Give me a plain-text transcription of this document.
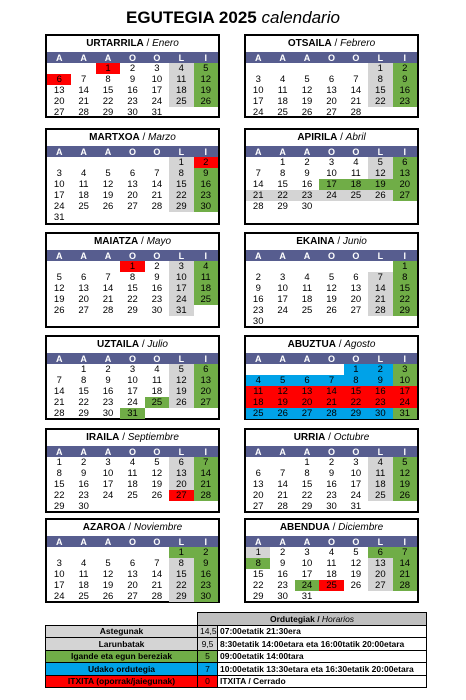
EGUTEGIA 2025 calendario
URTARRILA / Enero
A	A	A	O	O	L	I
		1	2	3	4	5
6	7	8	9	10	11	12
13	14	15	16	17	18	19
20	21	22	23	24	25	26
27	28	29	30	31		
OTSAILA / Febrero
A	A	A	O	O	L	I
					1	2
3	4	5	6	7	8	9
10	11	12	13	14	15	16
17	18	19	20	21	22	23
24	25	26	27	28		
MARTXOA / Marzo
A	A	A	O	O	L	I
					1	2
3	4	5	6	7	8	9
10	11	12	13	14	15	16
17	18	19	20	21	22	23
24	25	26	27	28	29	30
31						
APIRILA / Abril
A	A	A	O	O	L	I
	1	2	3	4	5	6
7	8	9	10	11	12	13
14	15	16	17	18	19	20
21	22	23	24	25	26	27
28	29	30				
MAIATZA / Mayo
A	A	A	O	O	L	I
			1	2	3	4
5	6	7	8	9	10	11
12	13	14	15	16	17	18
19	20	21	22	23	24	25
26	27	28	29	30	31	
EKAINA / Junio
A	A	A	O	O	L	I
						1
2	3	4	5	6	7	8
9	10	11	12	13	14	15
16	17	18	19	20	21	22
23	24	25	26	27	28	29
30						
UZTAILA / Julio
A	A	A	O	O	L	I
	1	2	3	4	5	6
7	8	9	10	11	12	13
14	15	16	17	18	19	20
21	22	23	24	25	26	27
28	29	30	31			
ABUZTUA / Agosto
A	A	A	O	O	L	I
				1	2	3
4	5	6	7	8	9	10
11	12	13	14	15	16	17
18	19	20	21	22	23	24
25	26	27	28	29	30	31
IRAILA / Septiembre
A	A	A	O	O	L	I
1	2	3	4	5	6	7
8	9	10	11	12	13	14
15	16	17	18	19	20	21
22	23	24	25	26	27	28
29	30					
URRIA / Octubre
A	A	A	O	O	L	I
		1	2	3	4	5
6	7	8	9	10	11	12
13	14	15	16	17	18	19
20	21	22	23	24	25	26
27	28	29	30	31		
AZAROA / Noviembre
A	A	A	O	O	L	I
					1	2
3	4	5	6	7	8	9
10	11	12	13	14	15	16
17	18	19	20	21	22	23
24	25	26	27	28	29	30
ABENDUA / Diciembre
A	A	A	O	O	L	I
1	2	3	4	5	6	7
8	9	10	11	12	13	14
15	16	17	18	19	20	21
22	23	24	25	26	27	28
29	30	31				
	Ordutegiak / Horarios	
Astegunak	14,5	07:00etatik 21:30era
Larunbatak	9,5	8:30etatik 14:00etara eta 16:00tatik 20:00etara
Igande eta egun bereziak	5	09:00etatik 14:00tara
Udako ordutegia	7	10:00etatik 13:30etara eta 16:30etatik 20:00etara
ITXITA (oporrak/jaiegunak)	0	ITXITA / Cerrado
